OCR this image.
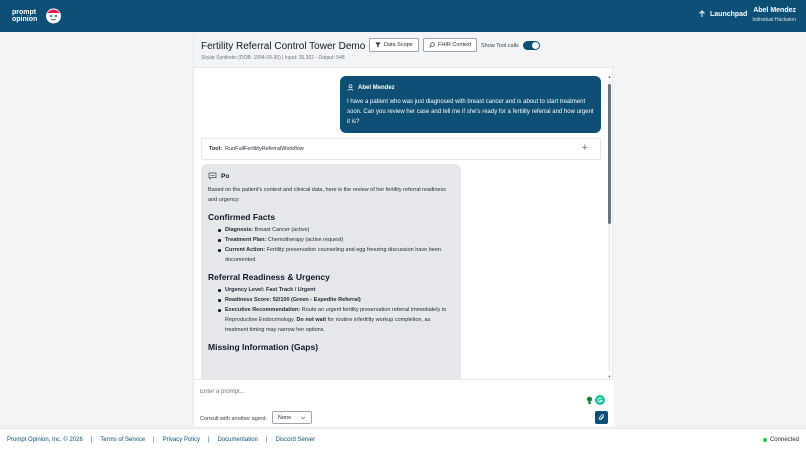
prompt
opinion
Launchpad Abel Mendez
Individual Hackaton
Fertility Referral Control Tower Demo
Skylar Synthetic (DOB: 1994-09-30) | Input: 35,302 - Output: 548
Data Scope	FHIR Context Show Tool calls
Abel Mendez
I have a patient who was just diagnosed with breast cancer and is about to start treatment soon. Can you review her case and tell me if she's ready for a fertility referral and how urgent it is?
Tool: RunFullFertilityReferralWorkflow	+
Po
Based on the patient's context and clinical data, here is the review of her fertility referral readiness and urgency:
Confirmed Facts
Diagnosis: Breast Cancer (active)
Treatment Plan: Chemotherapy (active request)
Current Action: Fertility preservation counseling and egg freezing discussion have been documented.
Referral Readiness & Urgency
Urgency Level: Fast Track / Urgent
Readiness Score: 92/100 (Green - Expedite Referral)
Executive Recommendation: Route an urgent fertility preservation referral immediately to Reproductive Endocrinology. Do not wait for routine infertility workup completion, as treatment timing may narrow her options.
Missing Information (Gaps)
▲
▼
Enter a prompt...
Consult with another agent: None
Prompt Opinion, Inc. © 2026 | Terms of Service | Privacy Policy | Documentation | Discord Server	Connected
